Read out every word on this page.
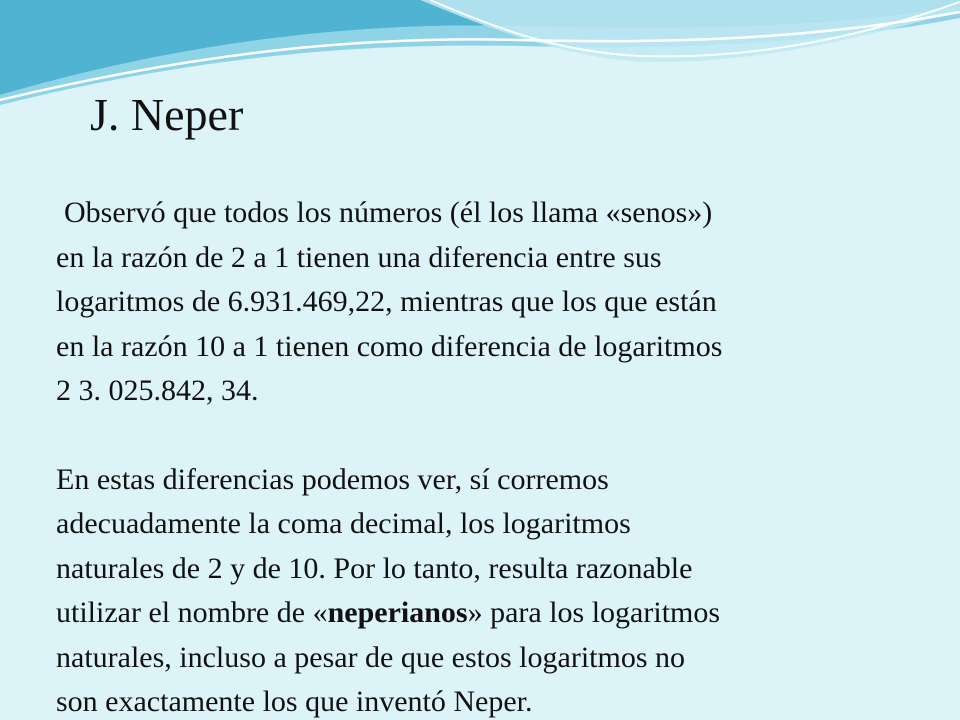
J. Neper
Observó que todos los números (él los llama «senos»)
en la razón de 2 a 1 tienen una diferencia entre sus
logaritmos de 6.931.469,22, mientras que los que están
en la razón 10 a 1 tienen como diferencia de logaritmos
2 3. 025.842, 34.
En estas diferencias podemos ver, sí corremos
adecuadamente la coma decimal, los logaritmos
naturales de 2 y de 10. Por lo tanto, resulta razonable
utilizar el nombre de «neperianos» para los logaritmos
naturales, incluso a pesar de que estos logaritmos no
son exactamente los que inventó Neper.
